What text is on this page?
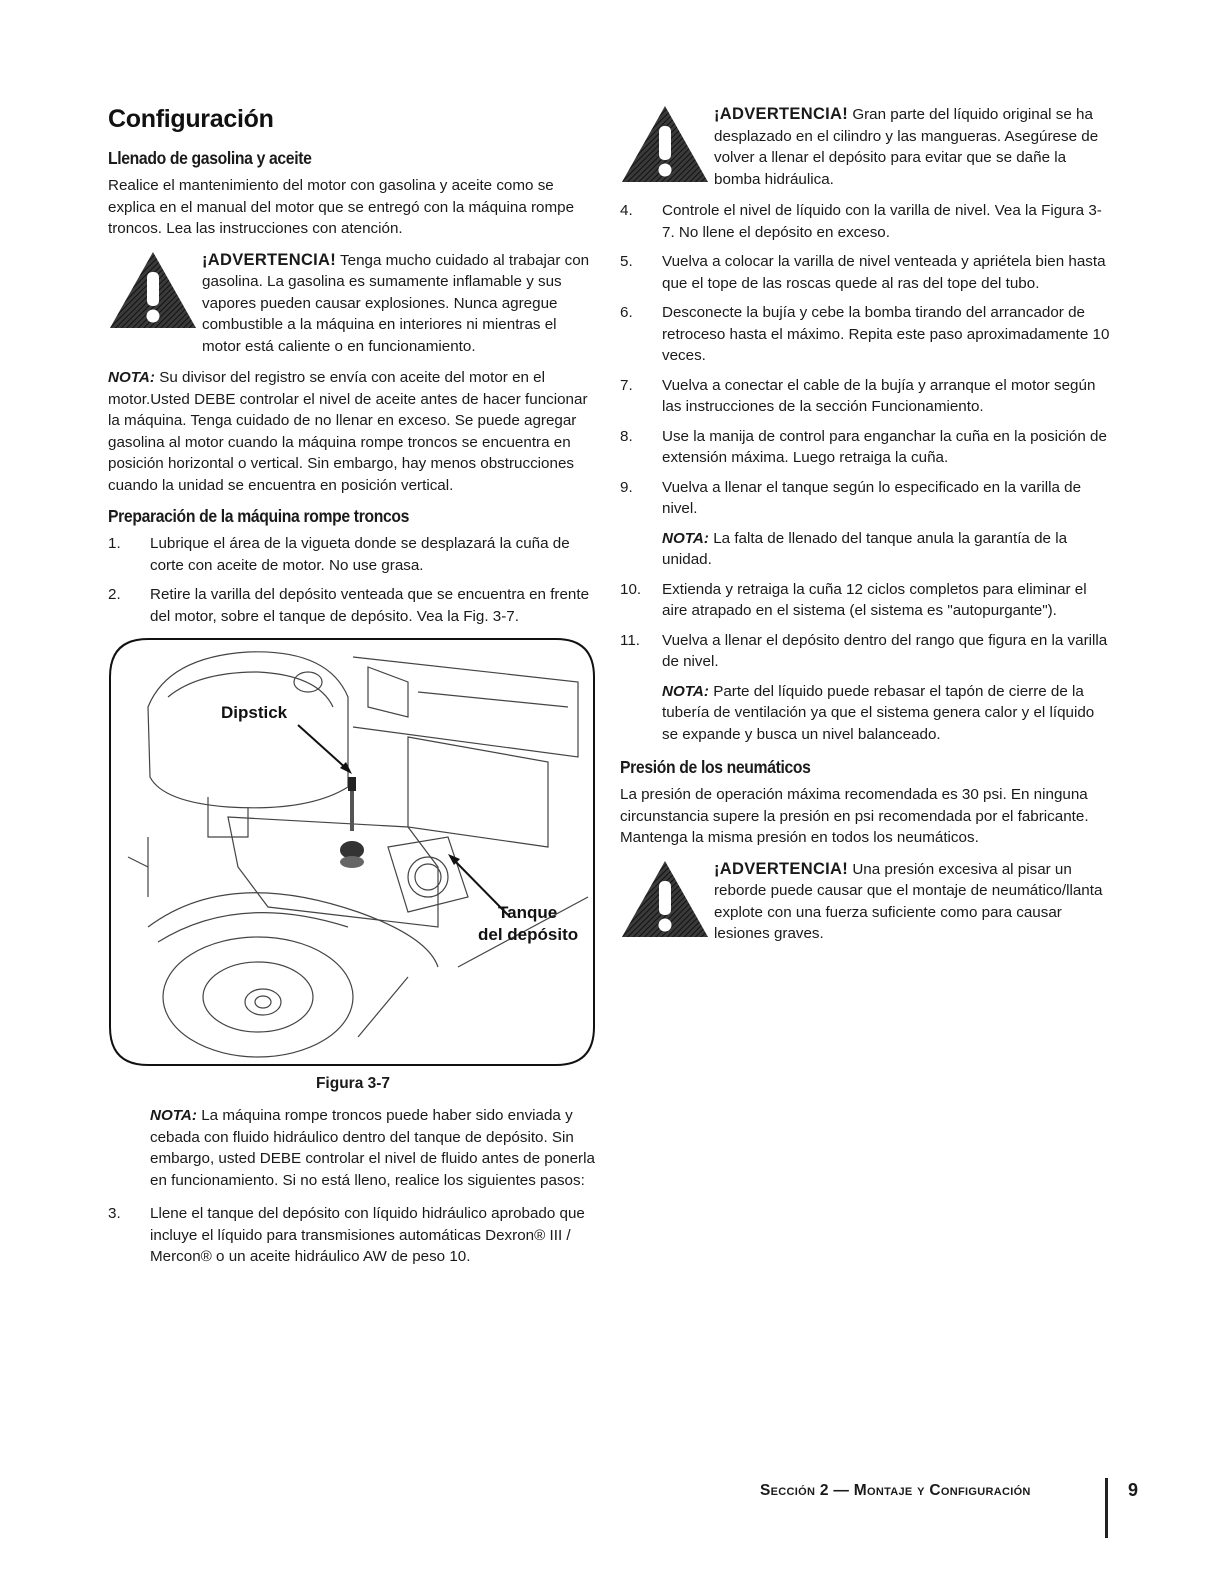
Configuración
Llenado de gasolina y aceite

Realice el mantenimiento del motor con gasolina y aceite como se explica en el manual del motor que se entregó con la máquina rompe troncos. Lea las instrucciones con atención.

¡ADVERTENCIA! Tenga mucho cuidado al trabajar con gasolina. La gasolina es sumamente inflamable y sus vapores pueden causar explosiones. Nunca agregue combustible a la máquina en interiores ni mientras el motor está caliente o en funcionamiento.

NOTA: Su divisor del registro se envía con aceite del motor en el motor.Usted DEBE controlar el nivel de aceite antes de hacer funcionar la máquina. Tenga cuidado de no llenar en exceso. Se puede agregar gasolina al motor cuando la máquina rompe troncos se encuentra en posición horizontal o vertical. Sin embargo, hay menos obstrucciones cuando la unidad se encuentra en posición vertical.

Preparación de la máquina rompe troncos
1.	Lubrique el área de la vigueta donde se desplazará la cuña de corte con aceite de motor. No use grasa.
2.	Retire la varilla del depósito venteada que se encuentra en frente del motor, sobre el tanque de depósito. Vea la Fig. 3-7.
Dipstick
Tanque
del depósito
Figura 3-7

NOTA: La máquina rompe troncos puede haber sido enviada y cebada con fluido hidráulico dentro del tanque de depósito. Sin embargo, usted DEBE controlar el nivel de fluido antes de ponerla en funcionamiento. Si no está lleno, realice los siguientes pasos:

3.	Llene el tanque del depósito con líquido hidráulico aprobado que incluye el líquido para transmisiones automáticas Dexron® III / Mercon® o un aceite hidráulico AW de peso 10.
¡ADVERTENCIA! Gran parte del líquido original se ha desplazado en el cilindro y las mangueras. Asegúrese de volver a llenar el depósito para evitar que se dañe la bomba hidráulica.
4.	Controle el nivel de líquido con la varilla de nivel. Vea la Figura 3-7. No llene el depósito en exceso.
5.	Vuelva a colocar la varilla de nivel venteada y apriétela bien hasta que el tope de las roscas quede al ras del tope del tubo.
6.	Desconecte la bujía y cebe la bomba tirando del arrancador de retroceso hasta el máximo. Repita este paso aproximadamente 10 veces.
7.	Vuelva a conectar el cable de la bujía y arranque el motor según las instrucciones de la sección Funcionamiento.
8.	Use la manija de control para enganchar la cuña en la posición de extensión máxima. Luego retraiga la cuña.
9.	Vuelva a llenar el tanque según lo especificado en la varilla de nivel.

NOTA: La falta de llenado del tanque anula la garantía de la unidad.

10.	Extienda y retraiga la cuña 12 ciclos completos para eliminar el aire atrapado en el sistema (el sistema es "autopurgante").
11.	Vuelva a llenar el depósito dentro del rango que figura en la varilla de nivel.

NOTA: Parte del líquido puede rebasar el tapón de cierre de la tubería de ventilación ya que el sistema genera calor y el líquido se expande y busca un nivel balanceado.

Presión de los neumáticos

La presión de operación máxima recomendada es 30 psi. En ninguna circunstancia supere la presión en psi recomendada por el fabricante. Mantenga la misma presión en todos los neumáticos.

¡ADVERTENCIA! Una presión excesiva al pisar un reborde puede causar que el montaje de neumático/llanta explote con una fuerza suficiente como para causar lesiones graves.
Sección 2 — Montaje y Configuración	9
